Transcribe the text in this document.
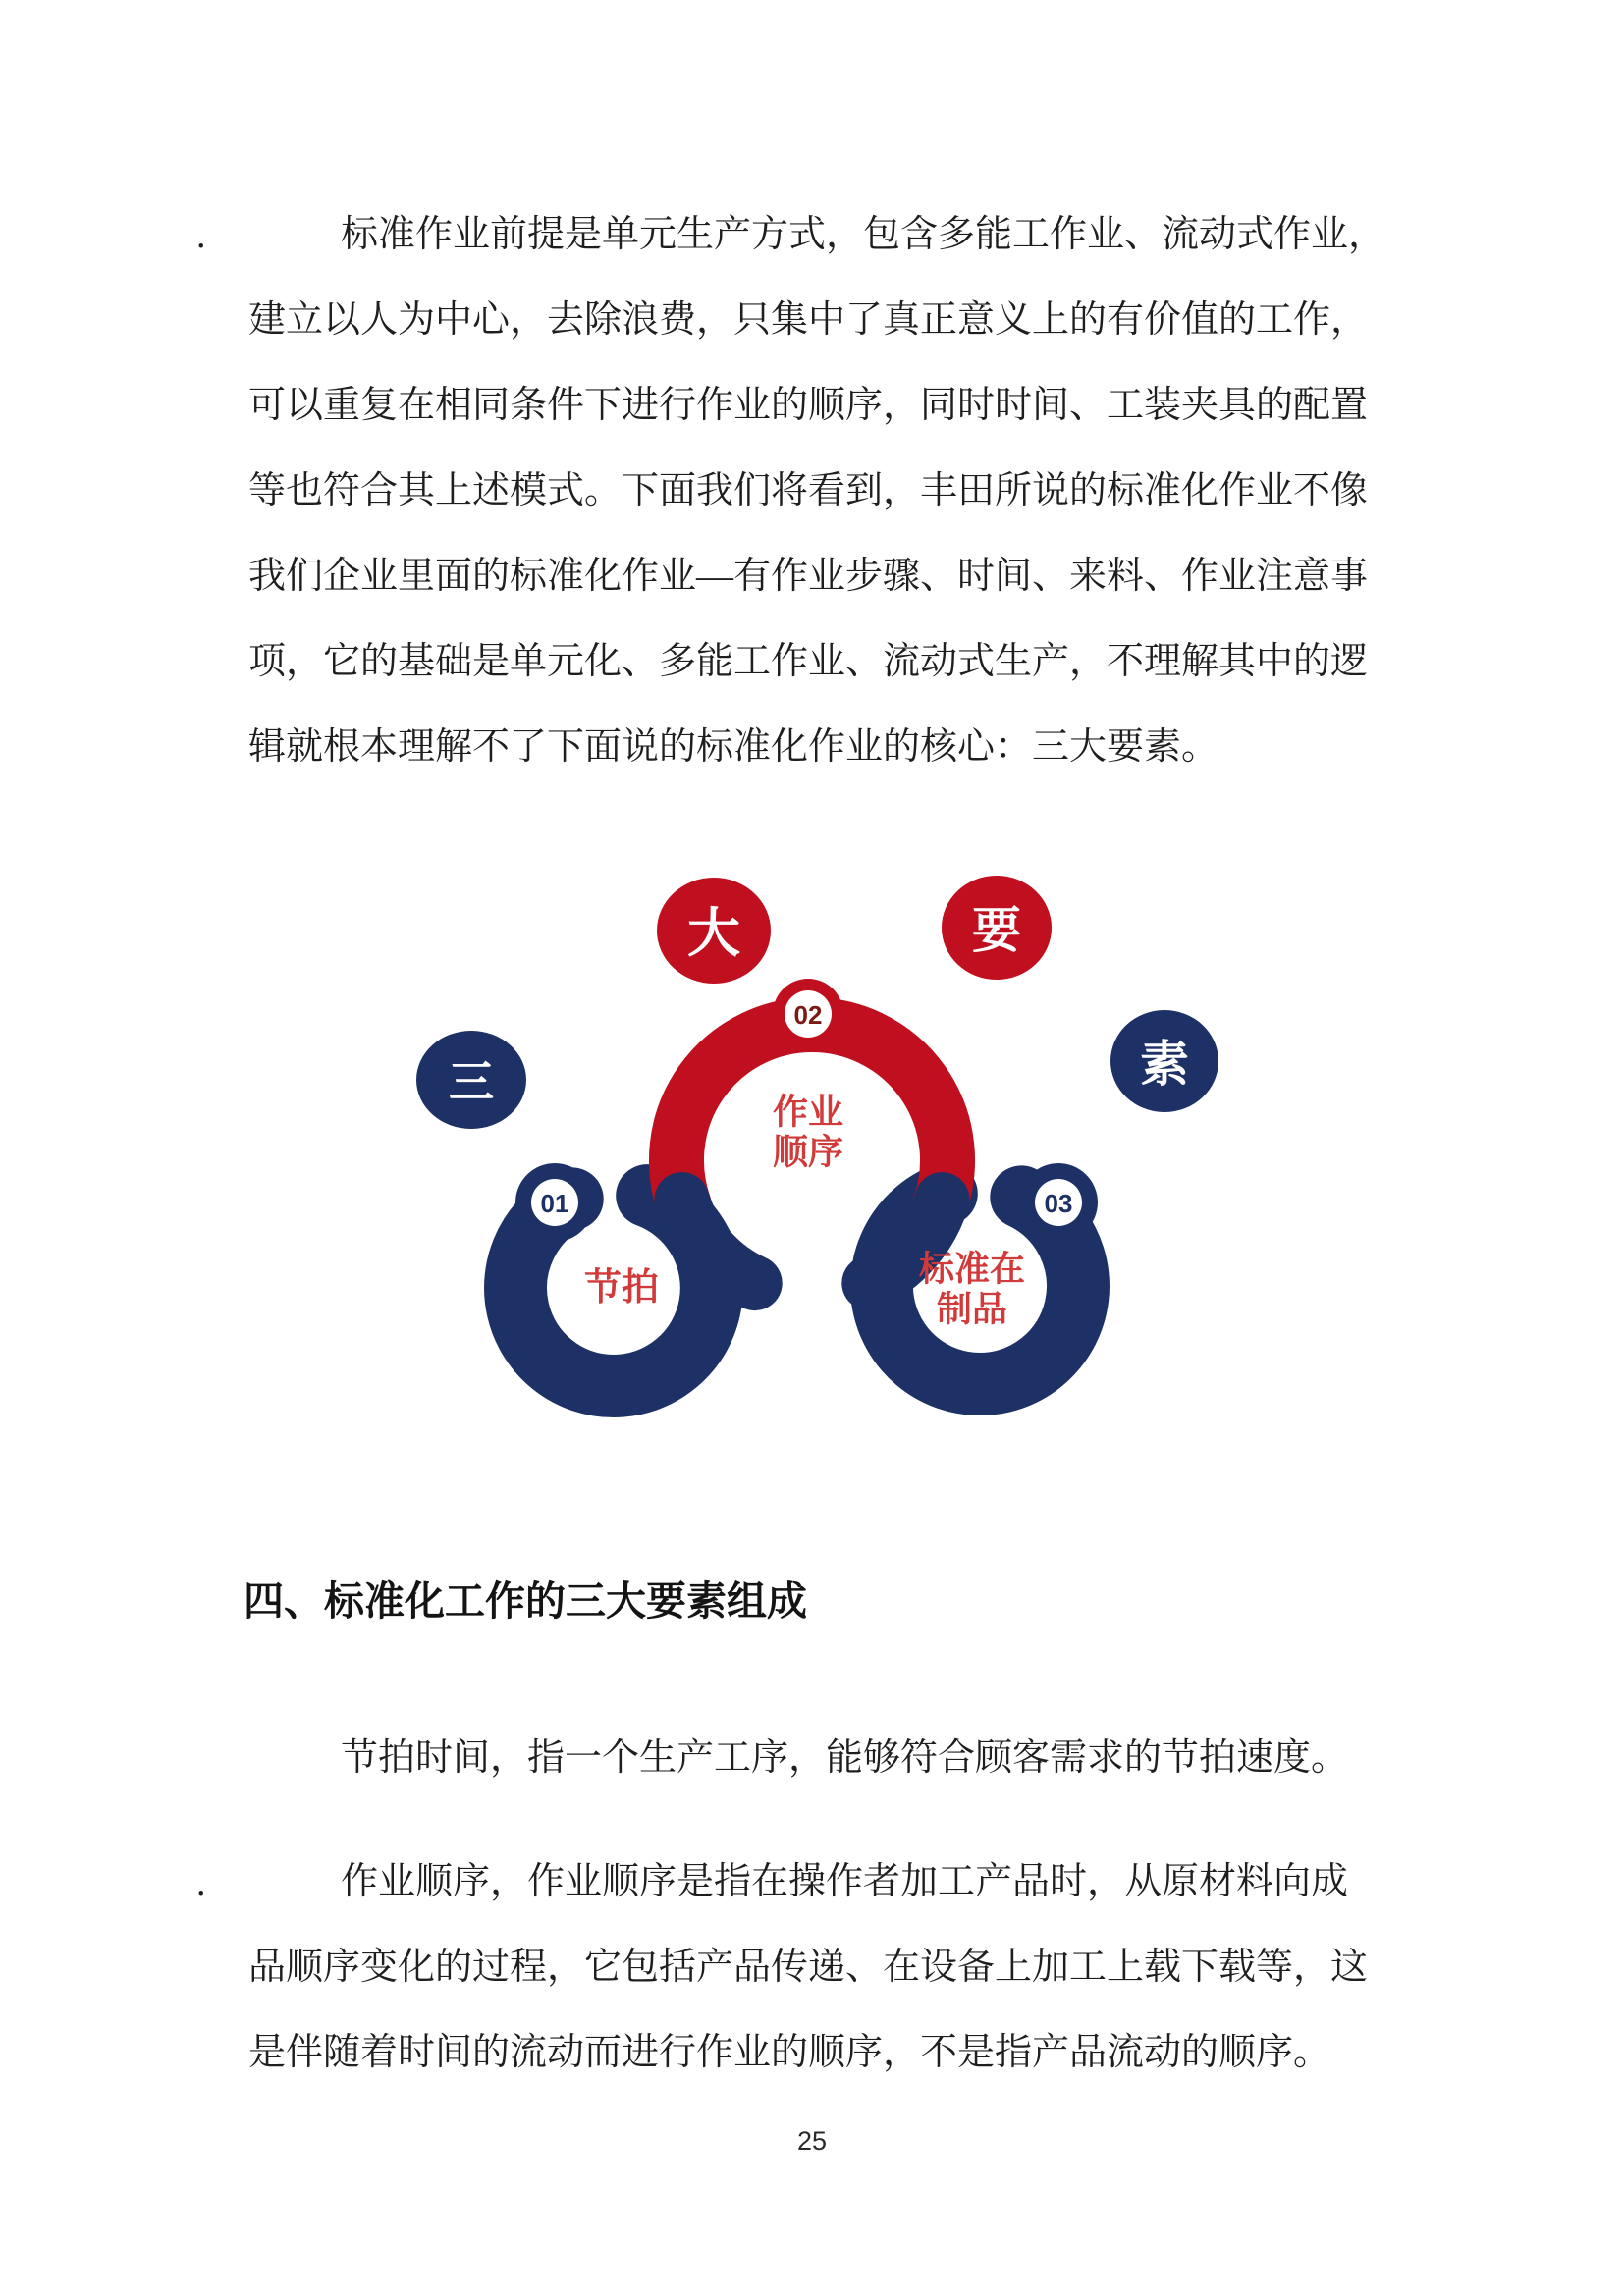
.	标准作业前提是单元生产方式，包含多能工作业、流动式作业，
建立以人为中心，去除浪费，只集中了真正意义上的有价值的工作，
可以重复在相同条件下进行作业的顺序，同时时间、工装夹具的配置
等也符合其上述模式。下面我们将看到，丰田所说的标准化作业不像
我们企业里面的标准化作业—有作业步骤、时间、来料、作业注意事
项，它的基础是单元化、多能工作业、流动式生产，不理解其中的逻
辑就根本理解不了下面说的标准化作业的核心：三大要素。
01
02
03
三
大	要
素
节拍
作业
顺序
标准在
制品
四、标准化工作的三大要素组成
节拍时间，指一个生产工序，能够符合顾客需求的节拍速度。
.	作业顺序，作业顺序是指在操作者加工产品时，从原材料向成
品顺序变化的过程，它包括产品传递、在设备上加工上载下载等，这
是伴随着时间的流动而进行作业的顺序，不是指产品流动的顺序。
25
